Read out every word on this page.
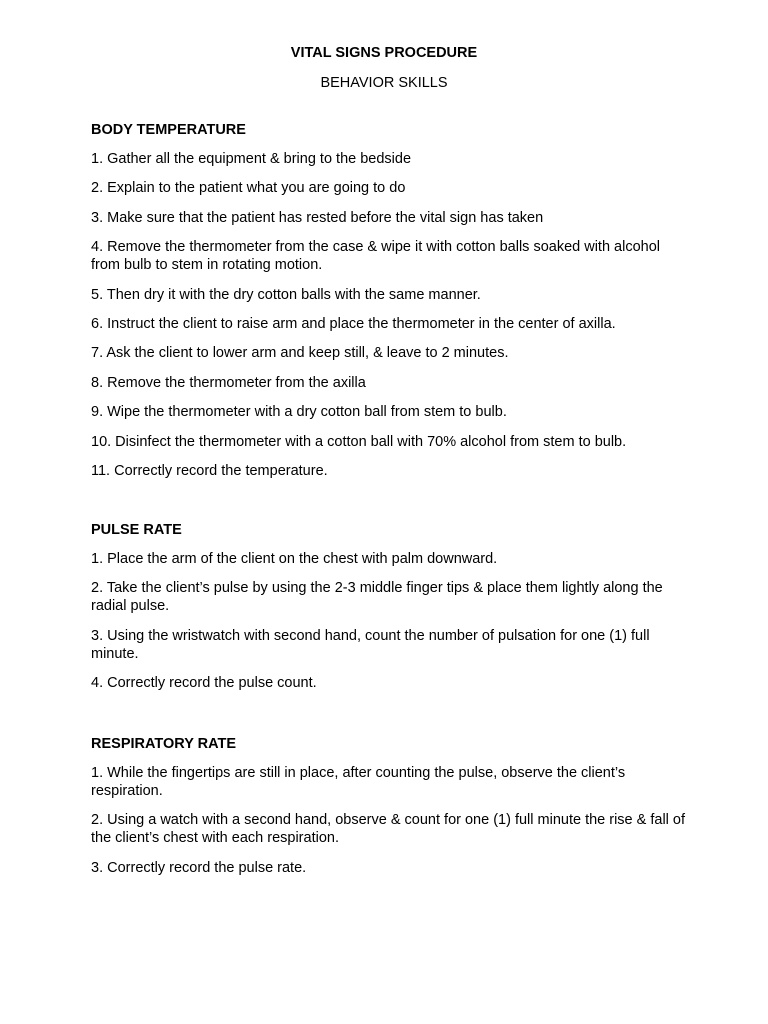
VITAL SIGNS PROCEDURE
BEHAVIOR SKILLS
BODY TEMPERATURE
1. Gather all the equipment & bring to the bedside
2. Explain to the patient what you are going to do
3. Make sure that the patient has rested before the vital sign has taken
4. Remove the thermometer from the case & wipe it with cotton balls soaked with alcohol from bulb to stem in rotating motion.
5. Then dry it with the dry cotton balls with the same manner.
6. Instruct the client to raise arm and place the thermometer in the center of axilla.
7. Ask the client to lower arm and keep still, & leave to 2 minutes.
8. Remove the thermometer from the axilla
9. Wipe the thermometer with a dry cotton ball from stem to bulb.
10. Disinfect the thermometer with a cotton ball with 70% alcohol from stem to bulb.
11. Correctly record the temperature.
PULSE RATE
1. Place the arm of the client on the chest with palm downward.
2. Take the client’s pulse by using the 2-3 middle finger tips & place them lightly along the radial pulse.
3. Using the wristwatch with second hand, count the number of pulsation for one (1) full minute.
4. Correctly record the pulse count.
RESPIRATORY RATE
1. While the fingertips are still in place, after counting the pulse, observe the client’s respiration.
2. Using a watch with a second hand, observe & count for one (1) full minute the rise & fall of the client’s chest with each respiration.
3. Correctly record the pulse rate.
